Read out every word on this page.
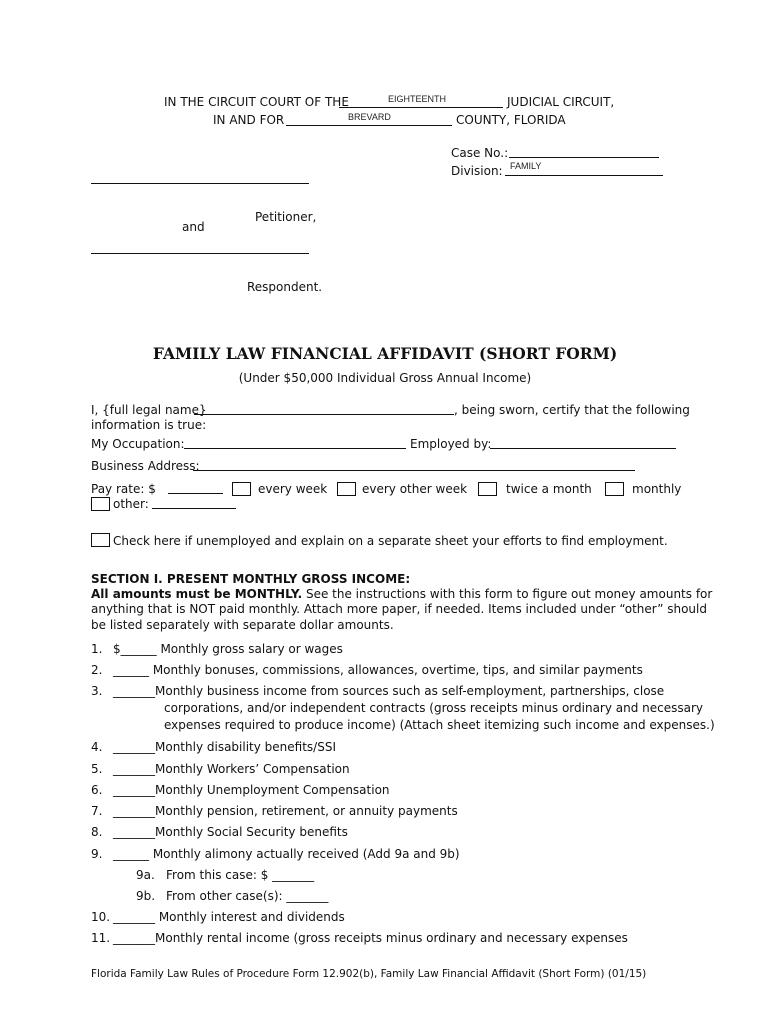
IN THE CIRCUIT COURT OF THE	EIGHTEENTH	JUDICIAL CIRCUIT,
IN AND FOR	BREVARD	COUNTY, FLORIDA
Case No.:
Division: FAMILY
Petitioner,
and
Respondent.
FAMILY LAW FINANCIAL AFFIDAVIT (SHORT FORM)
(Under $50,000 Individual Gross Annual Income)
I, {full legal name}	, being sworn, certify that the following
information is true:
My Occupation:	Employed by:
Business Address:
Pay rate: $	every week	every other week	twice a month	monthly
other:
Check here if unemployed and explain on a separate sheet your efforts to find employment.
SECTION I. PRESENT MONTHLY GROSS INCOME:
All amounts must be MONTHLY. See the instructions with this form to figure out money amounts for
anything that is NOT paid monthly. Attach more paper, if needed. Items included under “other” should
be listed separately with separate dollar amounts.
1. $______ Monthly gross salary or wages
2. ______ Monthly bonuses, commissions, allowances, overtime, tips, and similar payments
3. _______Monthly business income from sources such as self-employment, partnerships, close
corporations, and/or independent contracts (gross receipts minus ordinary and necessary
expenses required to produce income) (Attach sheet itemizing such income and expenses.)
4. _______Monthly disability benefits/SSI
5. _______Monthly Workers’ Compensation
6. _______Monthly Unemployment Compensation
7. _______Monthly pension, retirement, or annuity payments
8. _______Monthly Social Security benefits
9. ______ Monthly alimony actually received (Add 9a and 9b)
9a. From this case: $ _______
9b. From other case(s): _______
10. _______ Monthly interest and dividends
11. _______Monthly rental income (gross receipts minus ordinary and necessary expenses
Florida Family Law Rules of Procedure Form 12.902(b), Family Law Financial Affidavit (Short Form) (01/15)
